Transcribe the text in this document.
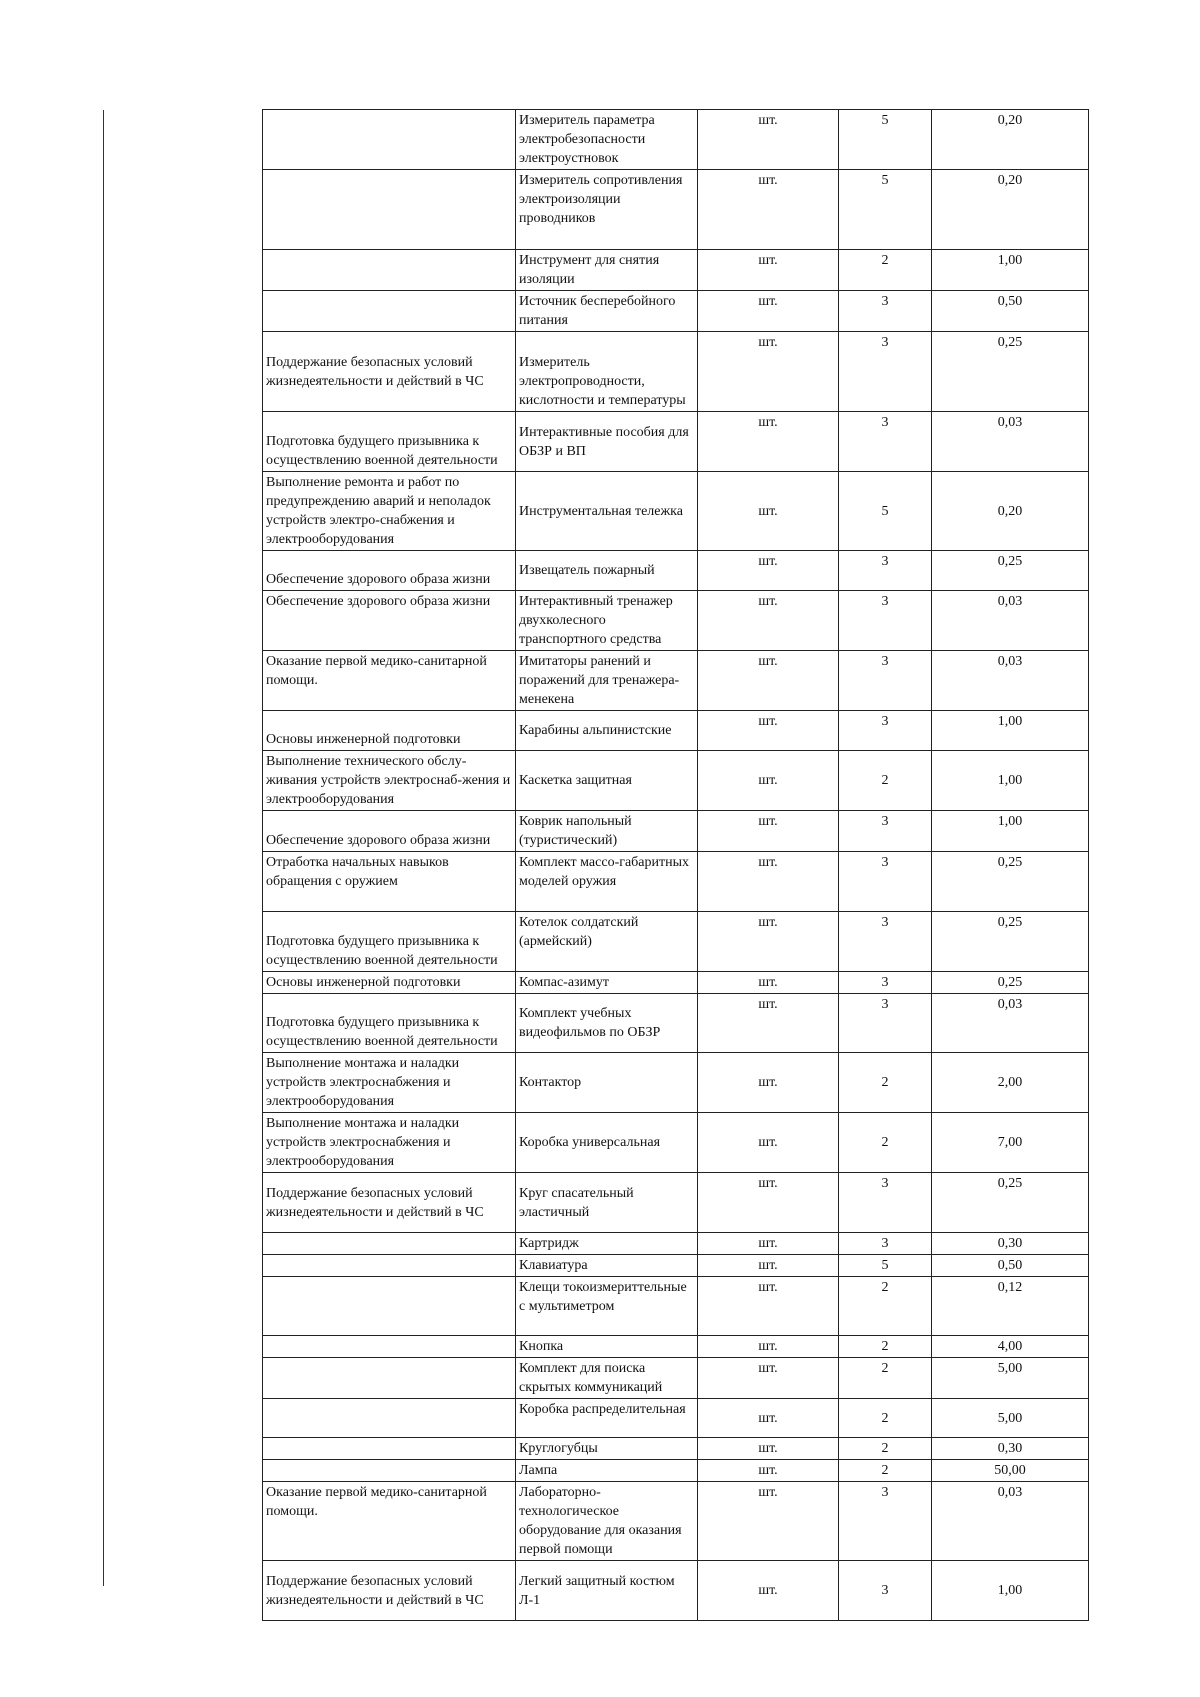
	Измеритель параметра электробезопасности электроустновок	шт.	5	0,20
	Измеритель сопротивления электроизоляции проводников	шт.	5	0,20
	Инструмент для снятия изоляции	шт.	2	1,00
	Источник бесперебойного питания	шт.	3	0,50
Поддержание безопасных условий жизнедеятельности и действий в ЧС	Измеритель электропроводности, кислотности и температуры	шт.	3	0,25
Подготовка будущего призывника к осуществлению военной деятельности	Интерактивные пособия для ОБЗР и ВП	шт.	3	0,03
Выполнение ремонта и работ по предупреждению аварий и неполадок устройств электро-снабжения и электрооборудования	Инструментальная тележка	шт.	5	0,20
Обеспечение здорового образа жизни	Извещатель пожарный	шт.	3	0,25
Обеспечение здорового образа жизни	Интерактивный тренажер двухколесного транспортного средства	шт.	3	0,03
Оказание первой медико-санитарной помощи.	Имитаторы ранений и поражений для тренажера-менекена	шт.	3	0,03
Основы инженерной подготовки	Карабины альпинистские	шт.	3	1,00
Выполнение технического обслу-живания устройств электроснаб-жения и электрооборудования	Каскетка защитная	шт.	2	1,00
Обеспечение здорового образа жизни	Коврик напольный (туристический)	шт.	3	1,00
Отработка начальных навыков обращения с оружием	Комплект массо-габаритных моделей оружия	шт.	3	0,25
Подготовка будущего призывника к осуществлению военной деятельности	Котелок солдатский (армейский)	шт.	3	0,25
Основы инженерной подготовки	Компас-азимут	шт.	3	0,25
Подготовка будущего призывника к осуществлению военной деятельности	Комплект учебных видеофильмов по ОБЗР	шт.	3	0,03
Выполнение монтажа и наладки устройств электроснабжения и электрооборудования	Контактор	шт.	2	2,00
Выполнение монтажа и наладки устройств электроснабжения и электрооборудования	Коробка универсальная	шт.	2	7,00
Поддержание безопасных условий жизнедеятельности и действий в ЧС	Круг спасательный эластичный	шт.	3	0,25
	Картридж	шт.	3	0,30
	Клавиатура	шт.	5	0,50
	Клещи токоизмериттельные с мультиметром	шт.	2	0,12
	Кнопка	шт.	2	4,00
	Комплект для поиска скрытых коммуникаций	шт.	2	5,00
	Коробка распределительная	шт.	2	5,00
	Круглогубцы	шт.	2	0,30
	Лампа	шт.	2	50,00
Оказание первой медико-санитарной помощи.	Лабораторно-технологическое оборудование для оказания первой помощи	шт.	3	0,03
Поддержание безопасных условий жизнедеятельности и действий в ЧС	Легкий защитный костюм Л-1	шт.	3	1,00
